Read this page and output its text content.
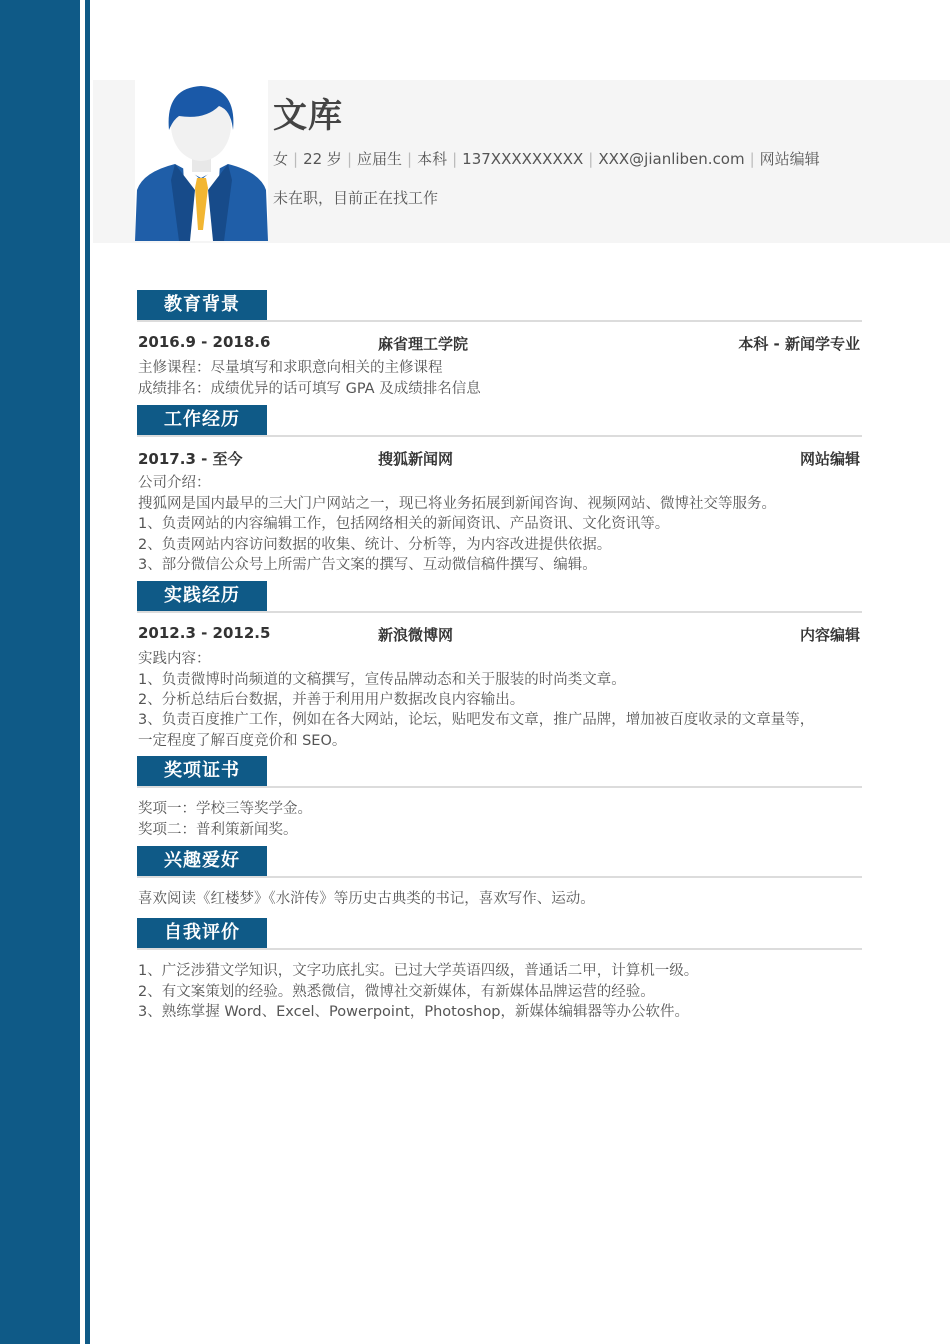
文库
女 | 22 岁 | 应届生 | 本科 | 137XXXXXXXXX | XXX@jianliben.com | 网站编辑
未在职，目前正在找工作
教育背景
2016.9 - 2018.6	麻省理工学院	本科 - 新闻学专业
主修课程：尽量填写和求职意向相关的主修课程
成绩排名：成绩优异的话可填写 GPA 及成绩排名信息
工作经历
2017.3 - 至今	搜狐新闻网	网站编辑
公司介绍：
搜狐网是国内最早的三大门户网站之一，现已将业务拓展到新闻咨询、视频网站、微博社交等服务。
1、负责网站的内容编辑工作，包括网络相关的新闻资讯、产品资讯、文化资讯等。
2、负责网站内容访问数据的收集、统计、分析等，为内容改进提供依据。
3、部分微信公众号上所需广告文案的撰写、互动微信稿件撰写、编辑。
实践经历
2012.3 - 2012.5	新浪微博网	内容编辑
实践内容：
1、负责微博时尚频道的文稿撰写，宣传品牌动态和关于服装的时尚类文章。
2、分析总结后台数据，并善于利用用户数据改良内容输出。
3、负责百度推广工作，例如在各大网站，论坛，贴吧发布文章，推广品牌，增加被百度收录的文章量等，
一定程度了解百度竞价和 SEO。
奖项证书
奖项一：学校三等奖学金。
奖项二：普利策新闻奖。
兴趣爱好
喜欢阅读《红楼梦》《水浒传》等历史古典类的书记，喜欢写作、运动。
自我评价
1、广泛涉猎文学知识，文字功底扎实。已过大学英语四级，普通话二甲，计算机一级。
2、有文案策划的经验。熟悉微信，微博社交新媒体，有新媒体品牌运营的经验。
3、熟练掌握 Word、Excel、Powerpoint，Photoshop，新媒体编辑器等办公软件。
